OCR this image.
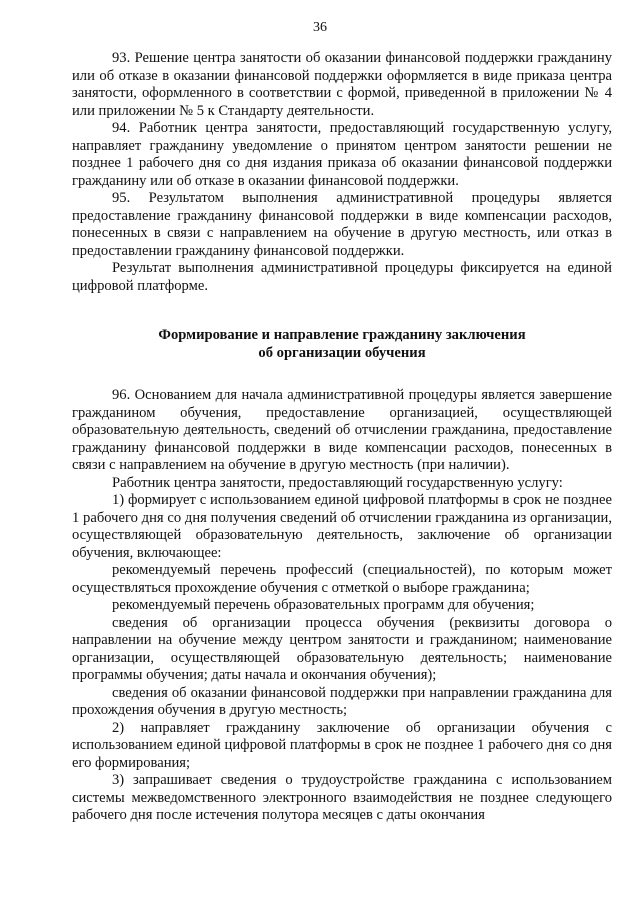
36

93. Решение центра занятости об оказании финансовой поддержки гражданину или об отказе в оказании финансовой поддержки оформляется в виде приказа центра занятости, оформленного в соответствии с формой, приведенной в приложении № 4 или приложении № 5 к Стандарту деятельности.

94. Работник центра занятости, предоставляющий государственную услугу, направляет гражданину уведомление о принятом центром занятости решении не позднее 1 рабочего дня со дня издания приказа об оказании финансовой поддержки гражданину или об отказе в оказании финансовой поддержки.

95. Результатом выполнения административной процедуры является предоставление гражданину финансовой поддержки в виде компенсации расходов, понесенных в связи с направлением на обучение в другую местность, или отказ в предоставлении гражданину финансовой поддержки.

Результат выполнения административной процедуры фиксируется на единой цифровой платформе.

Формирование и направление гражданину заключения
об организации обучения

96. Основанием для начала административной процедуры является завершение гражданином обучения, предоставление организацией, осуществляющей образовательную деятельность, сведений об отчислении гражданина, предоставление гражданину финансовой поддержки в виде компенсации расходов, понесенных в связи с направлением на обучение в другую местность (при наличии).

Работник центра занятости, предоставляющий государственную услугу:

1) формирует с использованием единой цифровой платформы в срок не позднее 1 рабочего дня со дня получения сведений об отчислении гражданина из организации, осуществляющей образовательную деятельность, заключение об организации обучения, включающее:

рекомендуемый перечень профессий (специальностей), по которым может осуществляться прохождение обучения с отметкой о выборе гражданина;

рекомендуемый перечень образовательных программ для обучения;

сведения об организации процесса обучения (реквизиты договора о направлении на обучение между центром занятости и гражданином; наименование организации, осуществляющей образовательную деятельность; наименование программы обучения; даты начала и окончания обучения);

сведения об оказании финансовой поддержки при направлении гражданина для прохождения обучения в другую местность;

2) направляет гражданину заключение об организации обучения с использованием единой цифровой платформы в срок не позднее 1 рабочего дня со дня его формирования;

3) запрашивает сведения о трудоустройстве гражданина с использованием системы межведомственного электронного взаимодействия не позднее следующего рабочего дня после истечения полутора месяцев с даты окончания
